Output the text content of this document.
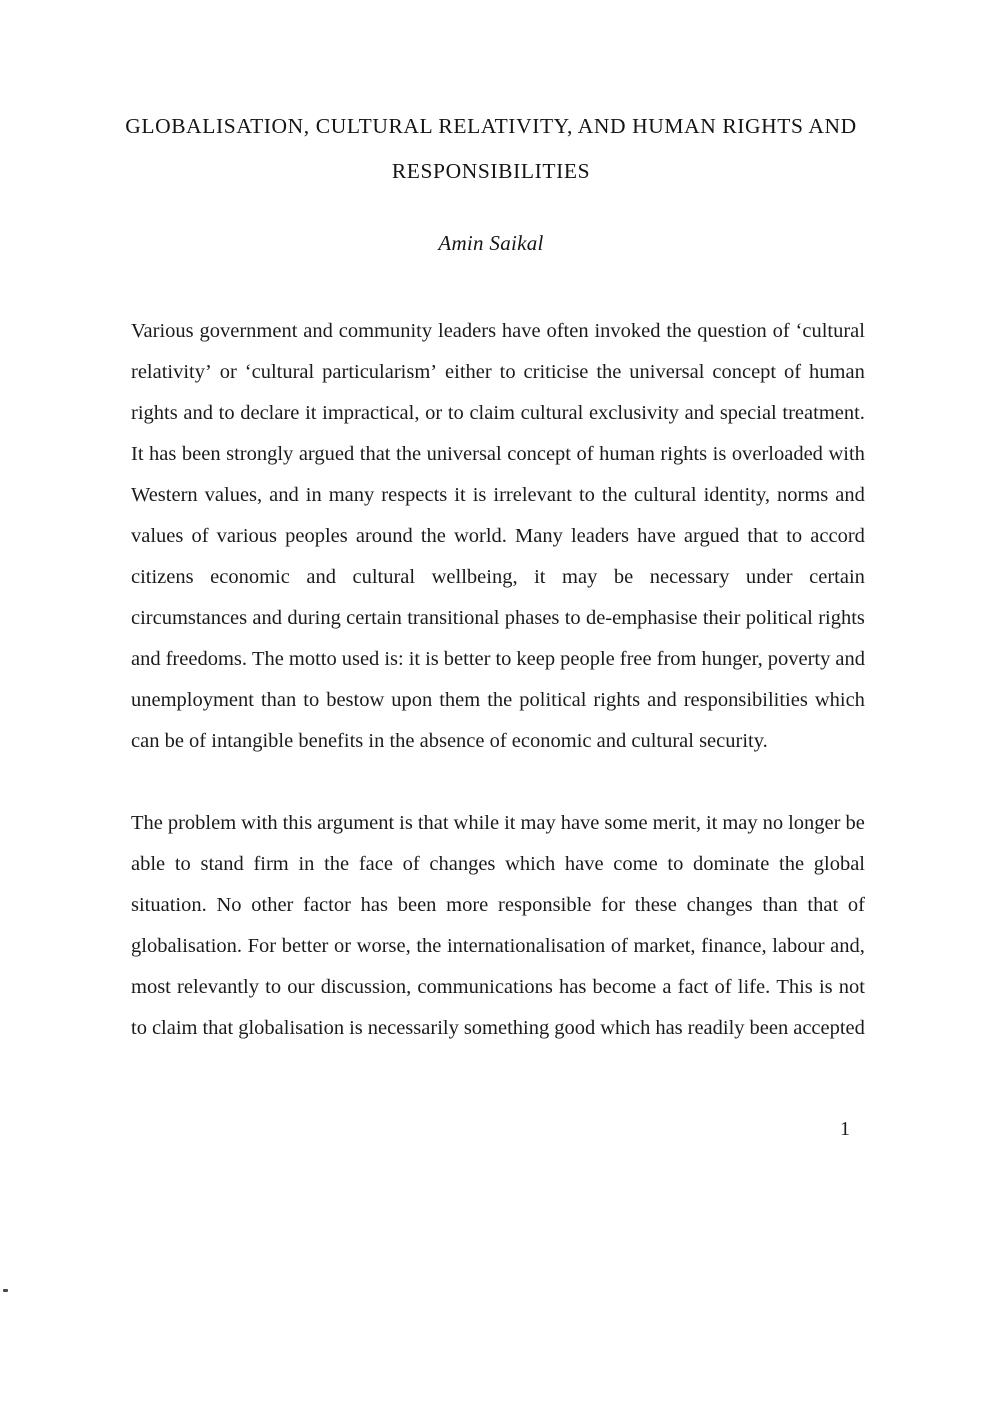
GLOBALISATION, CULTURAL RELATIVITY, AND HUMAN RIGHTS AND
RESPONSIBILITIES
Amin Saikal

Various government and community leaders have often invoked the question of ‘cultural
relativity’ or ‘cultural particularism’ either to criticise the universal concept of human
rights and to declare it impractical, or to claim cultural exclusivity and special treatment.
It has been strongly argued that the universal concept of human rights is overloaded with
Western values, and in many respects it is irrelevant to the cultural identity, norms and
values of various peoples around the world. Many leaders have argued that to accord
citizens economic and cultural wellbeing, it may be necessary under certain
circumstances and during certain transitional phases to de-emphasise their political rights
and freedoms. The motto used is: it is better to keep people free from hunger, poverty and
unemployment than to bestow upon them the political rights and responsibilities which
can be of intangible benefits in the absence of economic and cultural security.

The problem with this argument is that while it may have some merit, it may no longer be
able to stand firm in the face of changes which have come to dominate the global
situation. No other factor has been more responsible for these changes than that of
globalisation. For better or worse, the internationalisation of market, finance, labour and,
most relevantly to our discussion, communications has become a fact of life. This is not
to claim that globalisation is necessarily something good which has readily been accepted

1
